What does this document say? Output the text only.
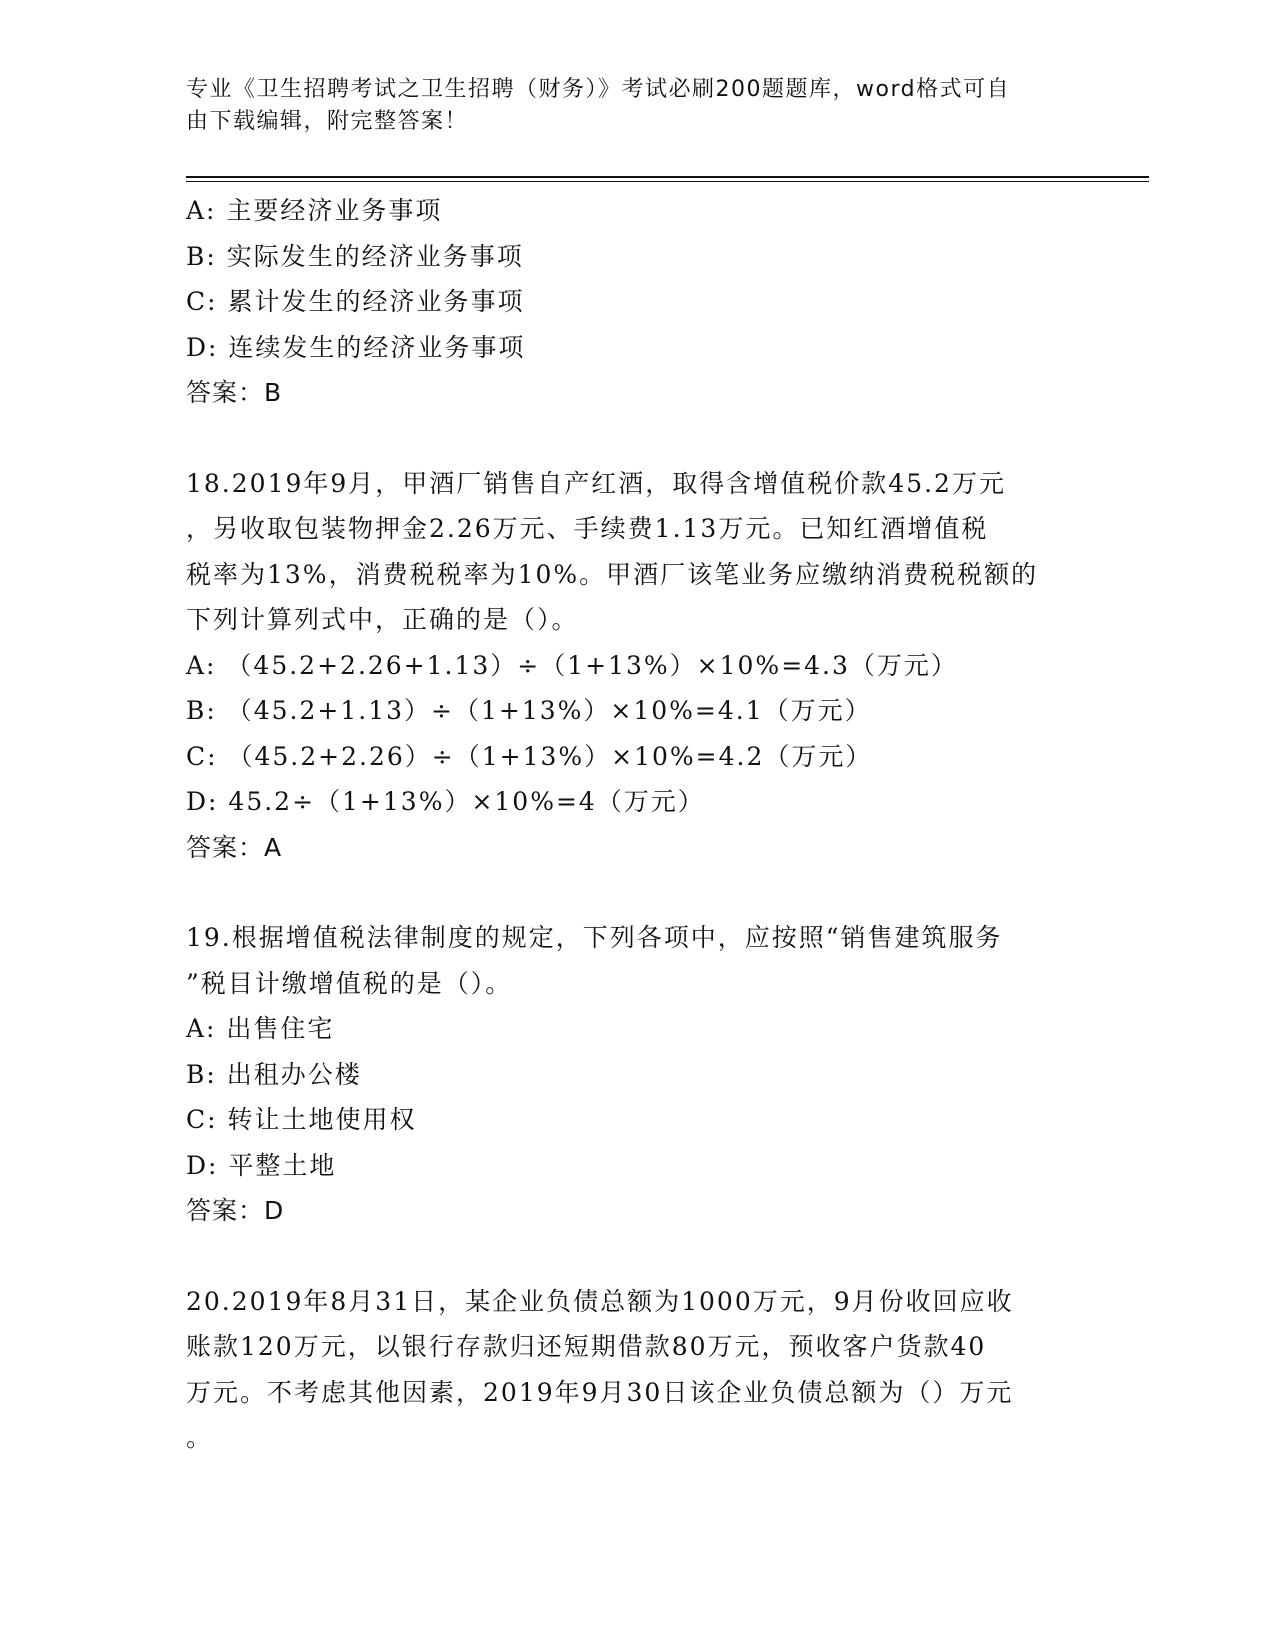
专业《卫生招聘考试之卫生招聘（财务）》考试必刷200题题库，word格式可自
由下载编辑，附完整答案！
A: 主要经济业务事项
B: 实际发生的经济业务事项
C: 累计发生的经济业务事项
D: 连续发生的经济业务事项
答案：B
18.2019年9月，甲酒厂销售自产红酒，取得含增值税价款45.2万元
，另收取包装物押金2.26万元、手续费1.13万元。已知红酒增值税
税率为13%，消费税税率为10%。甲酒厂该笔业务应缴纳消费税税额的
下列计算列式中，正确的是（）。
A: （45.2+2.26+1.13）÷（1+13%）×10%=4.3（万元）
B: （45.2+1.13）÷（1+13%）×10%=4.1（万元）
C: （45.2+2.26）÷（1+13%）×10%=4.2（万元）
D: 45.2÷（1+13%）×10%=4（万元）
答案：A
19.根据增值税法律制度的规定，下列各项中，应按照“销售建筑服务
”税目计缴增值税的是（）。
A: 出售住宅
B: 出租办公楼
C: 转让土地使用权
D: 平整土地
答案：D
20.2019年8月31日，某企业负债总额为1000万元，9月份收回应收
账款120万元，以银行存款归还短期借款80万元，预收客户货款40
万元。不考虑其他因素，2019年9月30日该企业负债总额为（）万元
。
